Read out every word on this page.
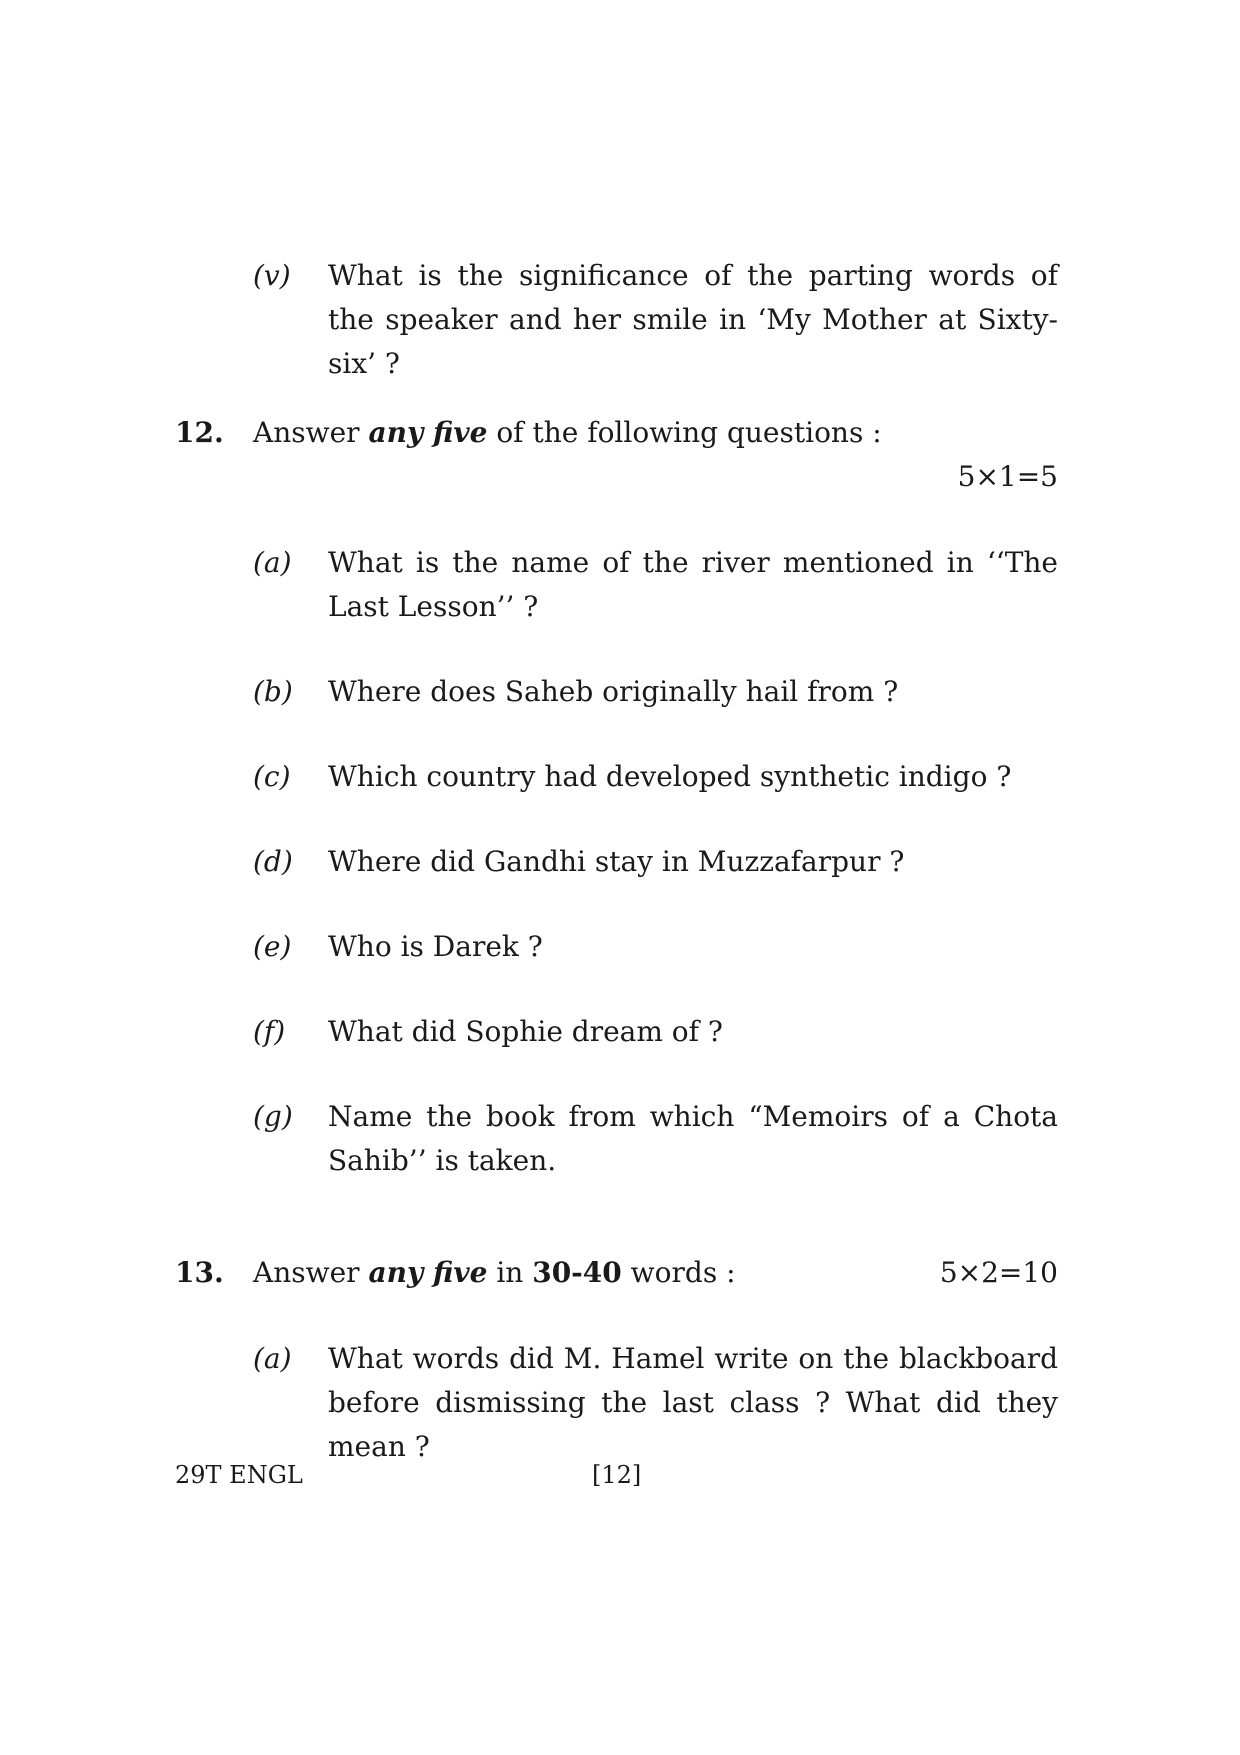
(v) What is the significance of the parting words of the speaker and her smile in ‘My Mother at Sixty-six’ ?
12. Answer any five of the following questions :
5×1=5
(a) What is the name of the river mentioned in ‘‘The Last Lesson’’ ?
(b) Where does Saheb originally hail from ?
(c) Which country had developed synthetic indigo ?
(d) Where did Gandhi stay in Muzzafarpur ?
(e) Who is Darek ?
(f) What did Sophie dream of ?
(g) Name the book from which “Memoirs of a Chota Sahib’’ is taken.
13. Answer any five in 30-40 words :	5×2=10
(a) What words did M. Hamel write on the blackboard before dismissing the last class ? What did they mean ?
29T ENGL	[12]
